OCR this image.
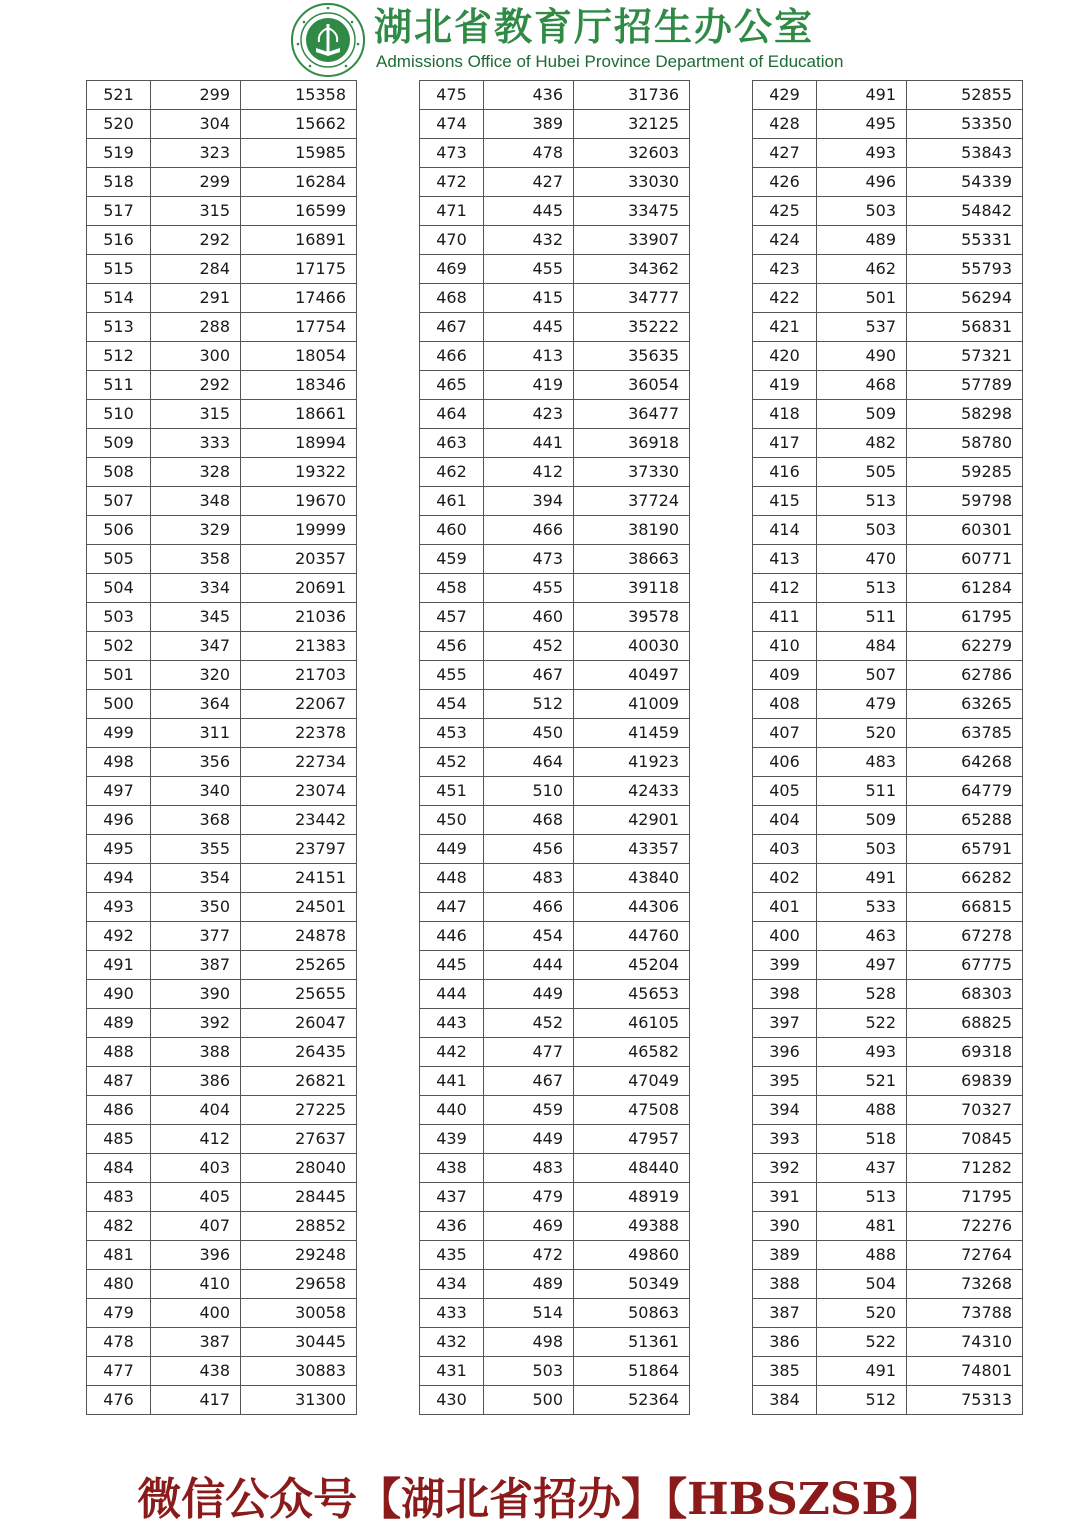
湖北省教育厅招生办公室
Admissions Office of Hubei Province Department of Education
521	299	15358
520	304	15662
519	323	15985
518	299	16284
517	315	16599
516	292	16891
515	284	17175
514	291	17466
513	288	17754
512	300	18054
511	292	18346
510	315	18661
509	333	18994
508	328	19322
507	348	19670
506	329	19999
505	358	20357
504	334	20691
503	345	21036
502	347	21383
501	320	21703
500	364	22067
499	311	22378
498	356	22734
497	340	23074
496	368	23442
495	355	23797
494	354	24151
493	350	24501
492	377	24878
491	387	25265
490	390	25655
489	392	26047
488	388	26435
487	386	26821
486	404	27225
485	412	27637
484	403	28040
483	405	28445
482	407	28852
481	396	29248
480	410	29658
479	400	30058
478	387	30445
477	438	30883
476	417	31300
475	436	31736
474	389	32125
473	478	32603
472	427	33030
471	445	33475
470	432	33907
469	455	34362
468	415	34777
467	445	35222
466	413	35635
465	419	36054
464	423	36477
463	441	36918
462	412	37330
461	394	37724
460	466	38190
459	473	38663
458	455	39118
457	460	39578
456	452	40030
455	467	40497
454	512	41009
453	450	41459
452	464	41923
451	510	42433
450	468	42901
449	456	43357
448	483	43840
447	466	44306
446	454	44760
445	444	45204
444	449	45653
443	452	46105
442	477	46582
441	467	47049
440	459	47508
439	449	47957
438	483	48440
437	479	48919
436	469	49388
435	472	49860
434	489	50349
433	514	50863
432	498	51361
431	503	51864
430	500	52364
429	491	52855
428	495	53350
427	493	53843
426	496	54339
425	503	54842
424	489	55331
423	462	55793
422	501	56294
421	537	56831
420	490	57321
419	468	57789
418	509	58298
417	482	58780
416	505	59285
415	513	59798
414	503	60301
413	470	60771
412	513	61284
411	511	61795
410	484	62279
409	507	62786
408	479	63265
407	520	63785
406	483	64268
405	511	64779
404	509	65288
403	503	65791
402	491	66282
401	533	66815
400	463	67278
399	497	67775
398	528	68303
397	522	68825
396	493	69318
395	521	69839
394	488	70327
393	518	70845
392	437	71282
391	513	71795
390	481	72276
389	488	72764
388	504	73268
387	520	73788
386	522	74310
385	491	74801
384	512	75313
微信公众号【湖北省招办】【HBSZSB】
